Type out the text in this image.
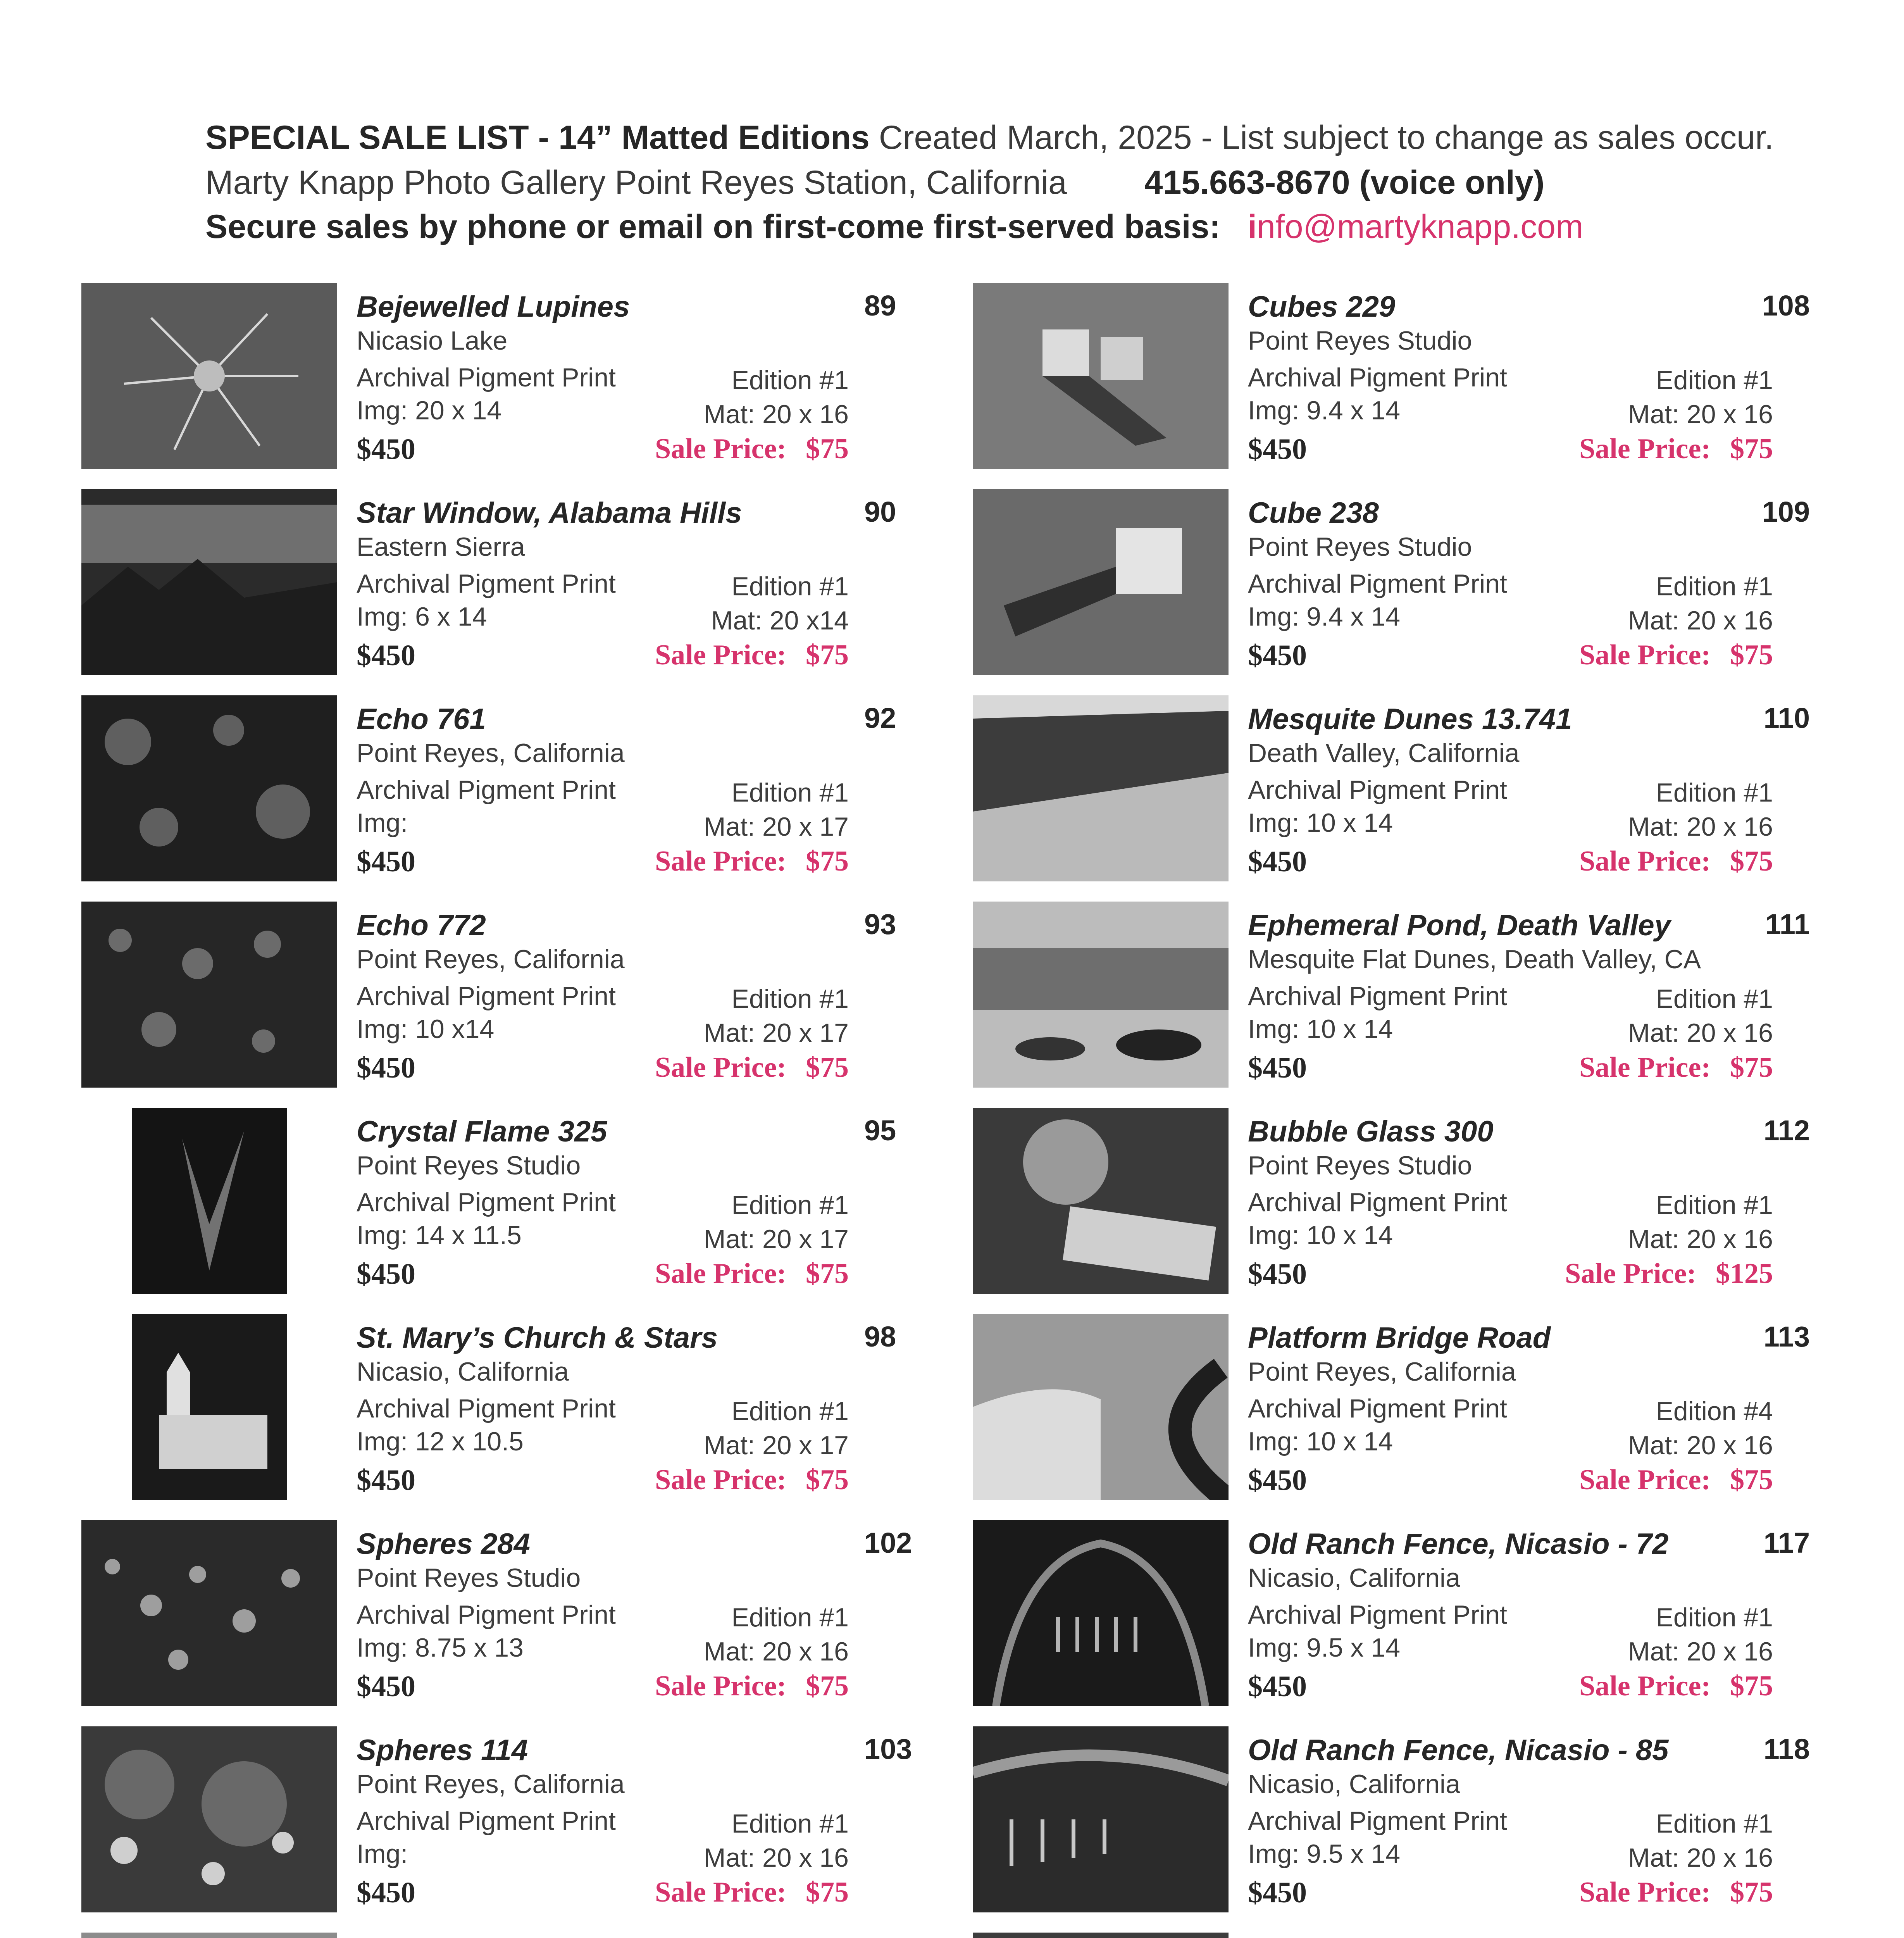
SPECIAL SALE LIST - 14” Matted Editions Created March, 2025 - List subject to change as sales occur.
Marty Knapp Photo Gallery Point Reyes Station, California 415.663-8670 (voice only)
Secure sales by phone or email on first-come first-served basis: info@martyknapp.com
Bejewelled Lupines	89
Nicasio Lake
Archival Pigment Print
Img: 20 x 14
Edition #1
Mat: 20 x 16
$450	Sale Price: $75
Star Window, Alabama Hills	90
Eastern Sierra
Archival Pigment Print
Img: 6 x 14
Edition #1
Mat: 20 x14
$450	Sale Price: $75
Echo 761	92
Point Reyes, California
Archival Pigment Print
Img:
Edition #1
Mat: 20 x 17
$450	Sale Price: $75
Echo 772	93
Point Reyes, California
Archival Pigment Print
Img: 10 x14
Edition #1
Mat: 20 x 17
$450	Sale Price: $75
Crystal Flame 325	95
Point Reyes Studio
Archival Pigment Print
Img: 14 x 11.5
Edition #1
Mat: 20 x 17
$450	Sale Price: $75
St. Mary’s Church & Stars	98
Nicasio, California
Archival Pigment Print
Img: 12 x 10.5
Edition #1
Mat: 20 x 17
$450	Sale Price: $75
Spheres 284	102
Point Reyes Studio
Archival Pigment Print
Img: 8.75 x 13
Edition #1
Mat: 20 x 16
$450	Sale Price: $75
Spheres 114	103
Point Reyes, California
Archival Pigment Print
Img:
Edition #1
Mat: 20 x 16
$450	Sale Price: $75
Cubes 229	108
Point Reyes Studio
Archival Pigment Print
Img: 9.4 x 14
Edition #1
Mat: 20 x 16
$450	Sale Price: $75
Cube 238	109
Point Reyes Studio
Archival Pigment Print
Img: 9.4 x 14
Edition #1
Mat: 20 x 16
$450	Sale Price: $75
Mesquite Dunes 13.741	110
Death Valley, California
Archival Pigment Print
Img: 10 x 14
Edition #1
Mat: 20 x 16
$450	Sale Price: $75
Ephemeral Pond, Death Valley	111
Mesquite Flat Dunes, Death Valley, CA
Archival Pigment Print
Img: 10 x 14
Edition #1
Mat: 20 x 16
$450	Sale Price: $75
Bubble Glass 300	112
Point Reyes Studio
Archival Pigment Print
Img: 10 x 14
Edition #1
Mat: 20 x 16
$450	Sale Price: $125
Platform Bridge Road	113
Point Reyes, California
Archival Pigment Print
Img: 10 x 14
Edition #4
Mat: 20 x 16
$450	Sale Price: $75
Old Ranch Fence, Nicasio - 72	117
Nicasio, California
Archival Pigment Print
Img: 9.5 x 14
Edition #1
Mat: 20 x 16
$450	Sale Price: $75
Old Ranch Fence, Nicasio - 85	118
Nicasio, California
Archival Pigment Print
Img: 9.5 x 14
Edition #1
Mat: 20 x 16
$450	Sale Price: $75
